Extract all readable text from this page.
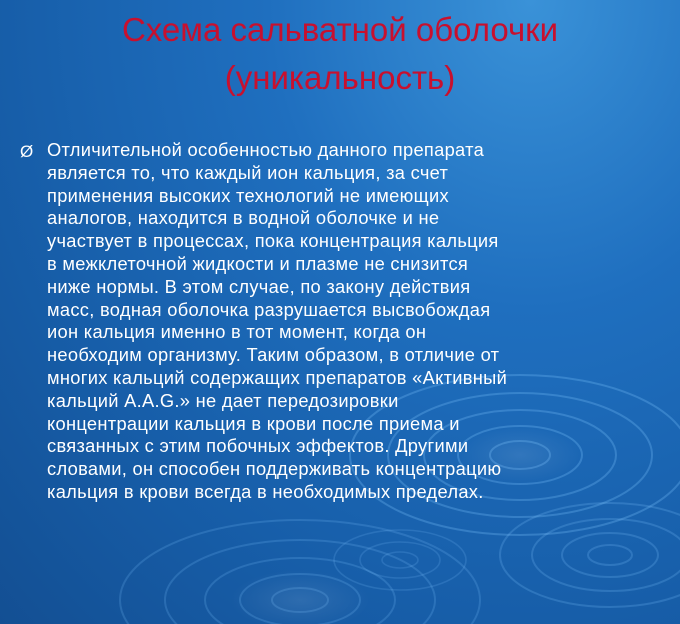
Схема сальватной оболочки
(уникальность)
Ø Отличительной особенностью данного препарата
является то, что каждый ион кальция, за счет
применения высоких технологий не имеющих
аналогов, находится в водной оболочке и не
участвует в процессах, пока концентрация кальция
в межклеточной жидкости и плазме не снизится
ниже нормы. В этом случае, по закону действия
масс, водная оболочка разрушается высвобождая
ион кальция именно в тот момент, когда он
необходим организму. Таким образом, в отличие от
многих кальций содержащих препаратов «Активный
кальций А.А.G.» не дает передозировки
концентрации кальция в крови после приема и
связанных с этим побочных эффектов. Другими
словами, он способен поддерживать концентрацию
кальция в крови всегда в необходимых пределах.
